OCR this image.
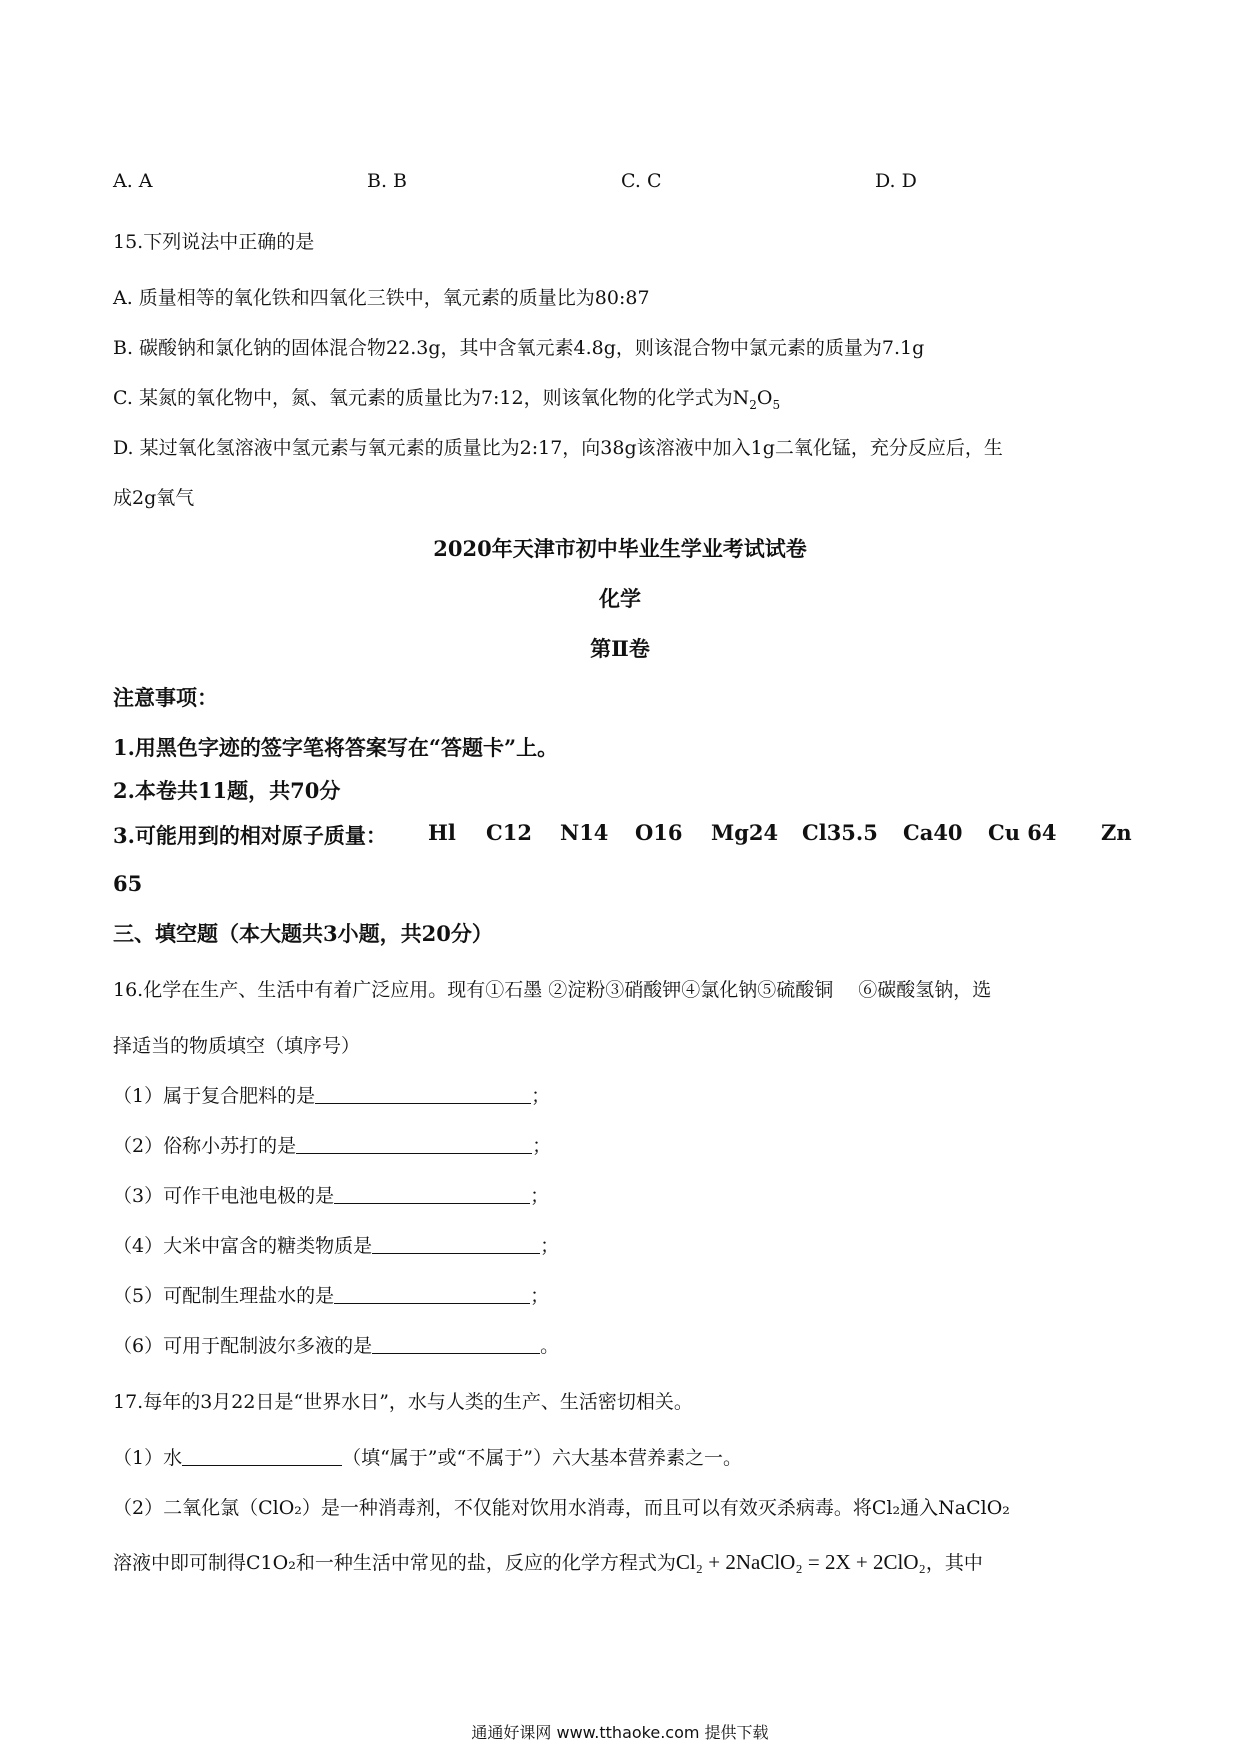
A. A	B. B	C. C	D. D
15.下列说法中正确的是
A. 质量相等的氧化铁和四氧化三铁中，氧元素的质量比为80:87
B. 碳酸钠和氯化钠的固体混合物22.3g，其中含氧元素4.8g，则该混合物中氯元素的质量为7.1g
C. 某氮的氧化物中，氮、氧元素的质量比为7:12，则该氧化物的化学式为$N_2O_5$
D. 某过氧化氢溶液中氢元素与氧元素的质量比为2:17，向38g该溶液中加入1g二氧化锰，充分反应后，生
成2g氧气
2020年天津市初中毕业生学业考试试卷
化学
第Ⅱ卷
注意事项：
1.用黑色字迹的签字笔将答案写在“答题卡”上。
2.本卷共11题，共70分
3.可能用到的相对原子质量： Hl C12 N14 O16 Mg24 Cl35.5 Ca40 Cu 64 Zn
65
三、填空题（本大题共3小题，共20分）
16.化学在生产、生活中有着广泛应用。现有①石墨 ②淀粉③硝酸钾④氯化钠⑤硫酸铜　 ⑥碳酸氢钠，选
择适当的物质填空（填序号）
（1）属于复合肥料的是	；
（2）俗称小苏打的是	；
（3）可作干电池电极的是	；
（4）大米中富含的糖类物质是	；
（5）可配制生理盐水的是	；
（6）可用于配制波尔多液的是	。
17.每年的3月22日是“世界水日”，水与人类的生产、生活密切相关。
（1）水	（填“属于”或“不属于”）六大基本营养素之一。
（2）二氧化氯（ClO₂）是一种消毒剂，不仅能对饮用水消毒，而且可以有效灭杀病毒。将Cl₂通入NaClO₂
溶液中即可制得C1O₂和一种生活中常见的盐，反应的化学方程式为Cl₂ + 2NaClO₂ = 2X + 2ClO₂，其中
通通好课网 www.tthaoke.com 提供下载
